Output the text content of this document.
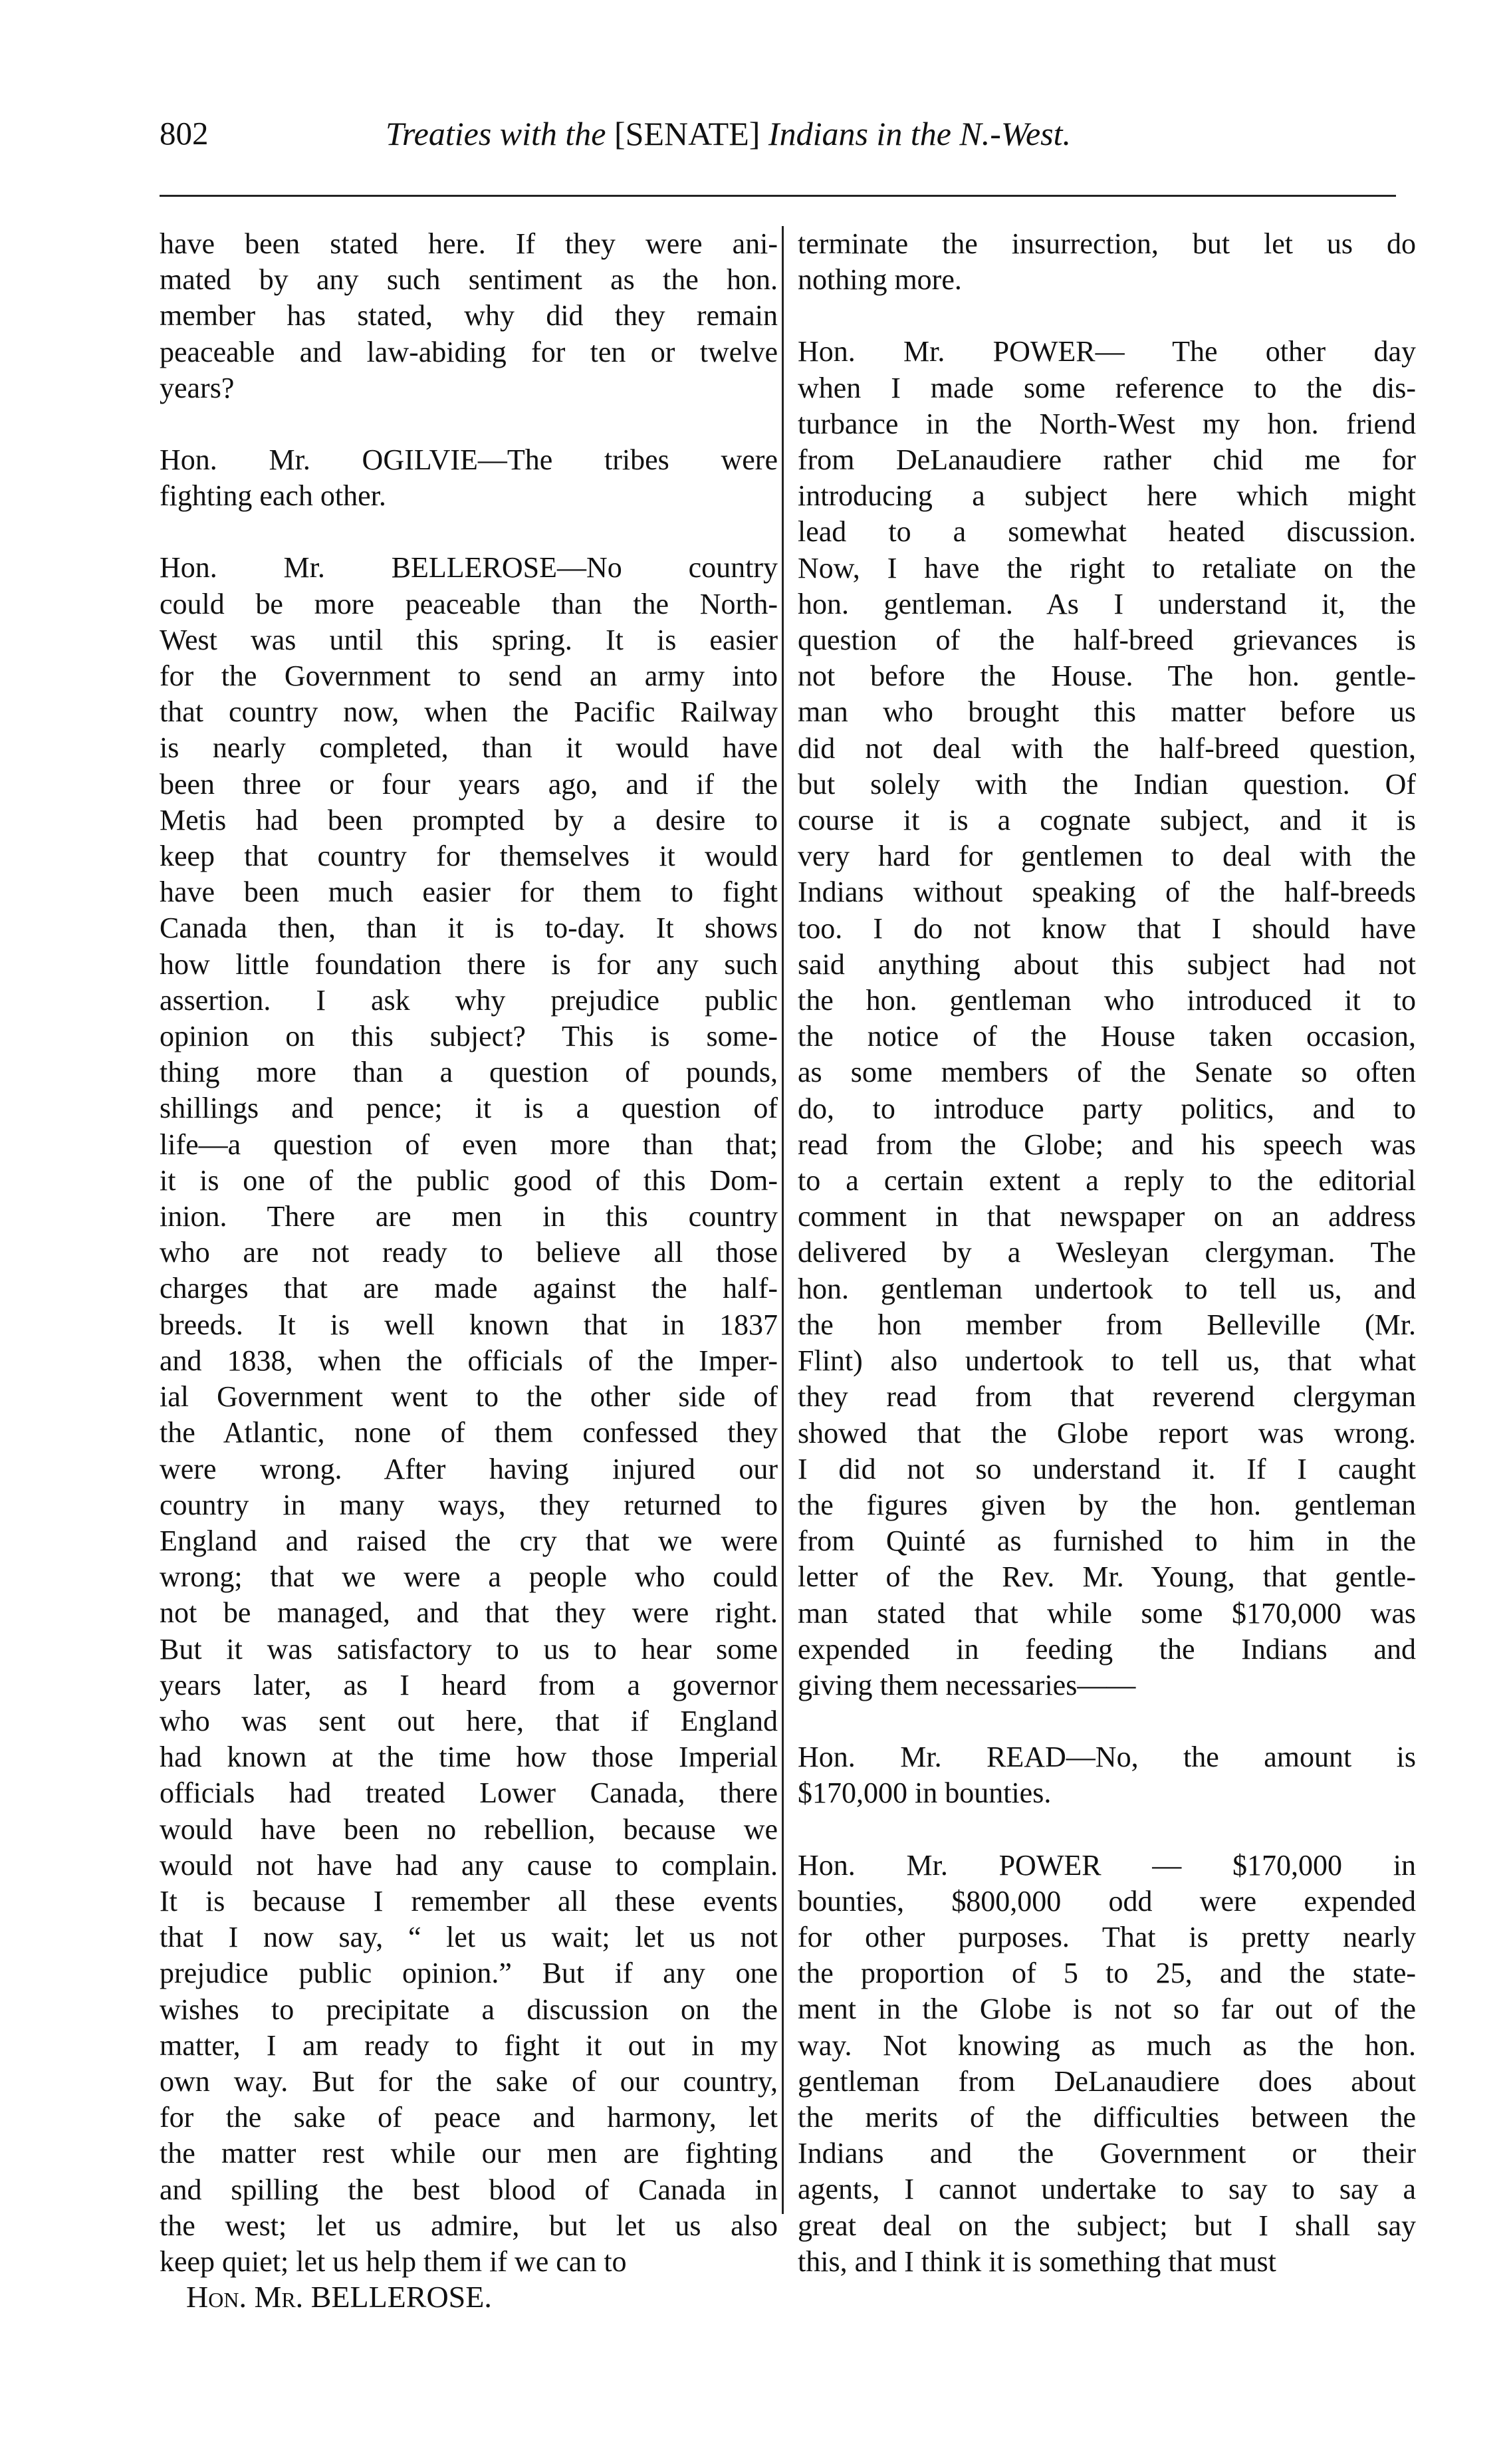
802	Treaties with the [SENATE] Indians in the N.-West.

have been stated here. If they were ani-
mated by any such sentiment as the hon.
member has stated, why did they remain
peaceable and law-abiding for ten or twelve
years?

Hon. Mr. OGILVIE—The tribes were
fighting each other.

Hon. Mr. BELLEROSE—No country
could be more peaceable than the North-
West was until this spring. It is easier
for the Government to send an army into
that country now, when the Pacific Railway
is nearly completed, than it would have
been three or four years ago, and if the
Metis had been prompted by a desire to
keep that country for themselves it would
have been much easier for them to fight
Canada then, than it is to-day. It shows
how little foundation there is for any such
assertion. I ask why prejudice public
opinion on this subject? This is some-
thing more than a question of pounds,
shillings and pence; it is a question of
life—a question of even more than that;
it is one of the public good of this Dom-
inion. There are men in this country
who are not ready to believe all those
charges that are made against the half-
breeds. It is well known that in 1837
and 1838, when the officials of the Imper-
ial Government went to the other side of
the Atlantic, none of them confessed they
were wrong. After having injured our
country in many ways, they returned to
England and raised the cry that we were
wrong; that we were a people who could
not be managed, and that they were right.
But it was satisfactory to us to hear some
years later, as I heard from a governor
who was sent out here, that if England
had known at the time how those Imperial
officials had treated Lower Canada, there
would have been no rebellion, because we
would not have had any cause to complain.
It is because I remember all these events
that I now say, “ let us wait; let us not
prejudice public opinion.” But if any one
wishes to precipitate a discussion on the
matter, I am ready to fight it out in my
own way. But for the sake of our country,
for the sake of peace and harmony, let
the matter rest while our men are fighting
and spilling the best blood of Canada in
the west; let us admire, but let us also
keep quiet; let us help them if we can to

terminate the insurrection, but let us do
nothing more.

Hon. Mr. POWER— The other day
when I made some reference to the dis-
turbance in the North-West my hon. friend
from DeLanaudiere rather chid me for
introducing a subject here which might
lead to a somewhat heated discussion.
Now, I have the right to retaliate on the
hon. gentleman. As I understand it, the
question of the half-breed grievances is
not before the House. The hon. gentle-
man who brought this matter before us
did not deal with the half-breed question,
but solely with the Indian question. Of
course it is a cognate subject, and it is
very hard for gentlemen to deal with the
Indians without speaking of the half-breeds
too. I do not know that I should have
said anything about this subject had not
the hon. gentleman who introduced it to
the notice of the House taken occasion,
as some members of the Senate so often
do, to introduce party politics, and to
read from the Globe; and his speech was
to a certain extent a reply to the editorial
comment in that newspaper on an address
delivered by a Wesleyan clergyman. The
hon. gentleman undertook to tell us, and
the hon member from Belleville (Mr.
Flint) also undertook to tell us, that what
they read from that reverend clergyman
showed that the Globe report was wrong.
I did not so understand it. If I caught
the figures given by the hon. gentleman
from Quinté as furnished to him in the
letter of the Rev. Mr. Young, that gentle-
man stated that while some $170,000 was
expended in feeding the Indians and
giving them necessaries——

Hon. Mr. READ—No, the amount is
$170,000 in bounties.

Hon. Mr. POWER — $170,000 in
bounties, $800,000 odd were expended
for other purposes. That is pretty nearly
the proportion of 5 to 25, and the state-
ment in the Globe is not so far out of the
way. Not knowing as much as the hon.
gentleman from DeLanaudiere does about
the merits of the difficulties between the
Indians and the Government or their
agents, I cannot undertake to say to say a
great deal on the subject; but I shall say
this, and I think it is something that must

Hon. Mr. BELLEROSE.
